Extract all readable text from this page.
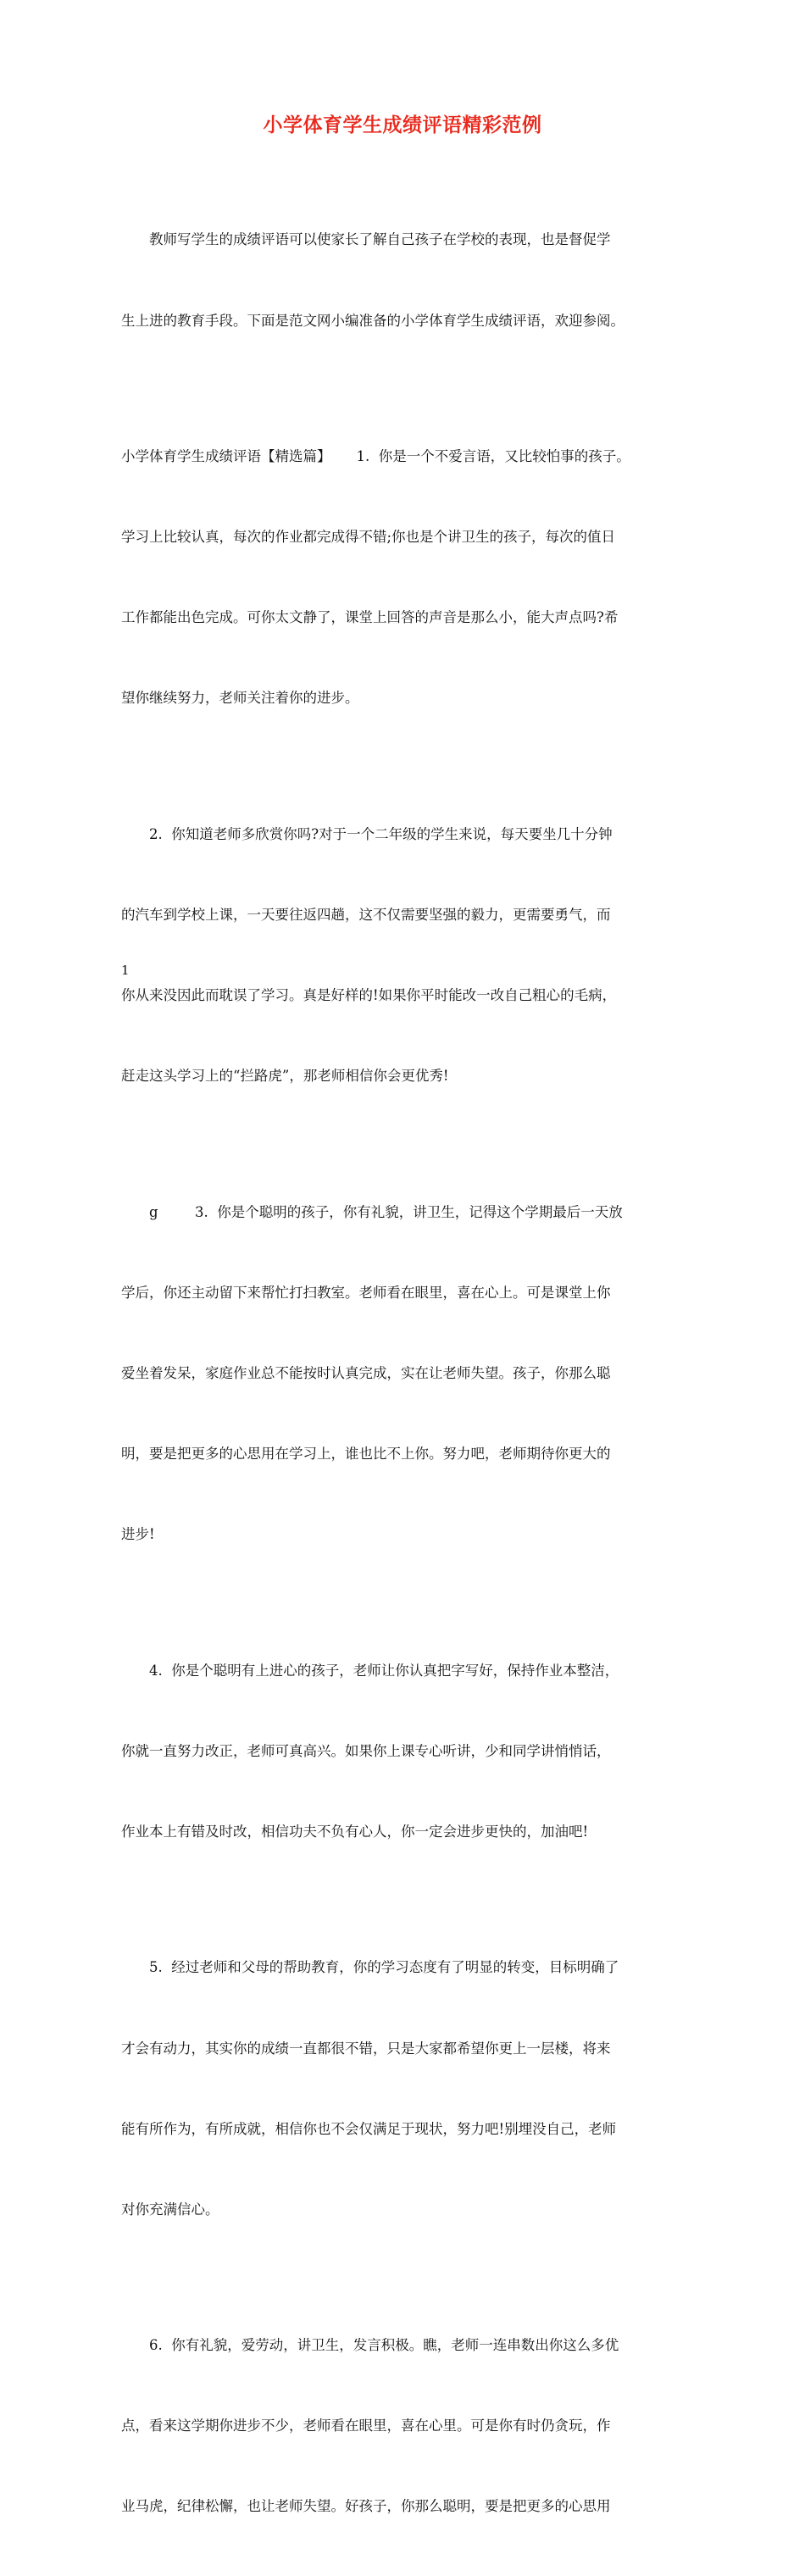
小学体育学生成绩评语精彩范例

教师写学生的成绩评语可以使家长了解自己孩子在学校的表现，也是督促学

生上进的教育手段。下面是范文网小编准备的小学体育学生成绩评语，欢迎参阅。

小学体育学生成绩评语【精选篇】　　 1.  你是一个不爱言语，又比较怕事的孩子。

学习上比较认真，每次的作业都完成得不错;你也是个讲卫生的孩子，每次的值日

工作都能出色完成。可你太文静了，课堂上回答的声音是那么小，能大声点吗?希

望你继续努力，老师关注着你的进步。

2.  你知道老师多欣赏你吗?对于一个二年级的学生来说，每天要坐几十分钟

的汽车到学校上课，一天要往返四趟，这不仅需要坚强的毅力，更需要勇气，而

你从来没因此而耽误了学习。真是好样的!如果你平时能改一改自己粗心的毛病，

赶走这头学习上的“拦路虎”，那老师相信你会更优秀!

g　　  3.  你是个聪明的孩子，你有礼貌，讲卫生，记得这个学期最后一天放

学后，你还主动留下来帮忙打扫教室。老师看在眼里，喜在心上。可是课堂上你

爱坐着发呆，家庭作业总不能按时认真完成，实在让老师失望。孩子，你那么聪

明，要是把更多的心思用在学习上，谁也比不上你。努力吧，老师期待你更大的

进步!

4.  你是个聪明有上进心的孩子，老师让你认真把字写好，保持作业本整洁，

你就一直努力改正，老师可真高兴。如果你上课专心听讲，少和同学讲悄悄话，

作业本上有错及时改，相信功夫不负有心人，你一定会进步更快的，加油吧!

5.  经过老师和父母的帮助教育，你的学习态度有了明显的转变，目标明确了

才会有动力，其实你的成绩一直都很不错，只是大家都希望你更上一层楼，将来

能有所作为，有所成就，相信你也不会仅满足于现状，努力吧!别埋没自己，老师

对你充满信心。

6.  你有礼貌，爱劳动，讲卫生，发言积极。瞧，老师一连串数出你这么多优

点，看来这学期你进步不少，老师看在眼里，喜在心里。可是你有时仍贪玩，作

业马虎，纪律松懈，也让老师失望。好孩子，你那么聪明，要是把更多的心思用

1
